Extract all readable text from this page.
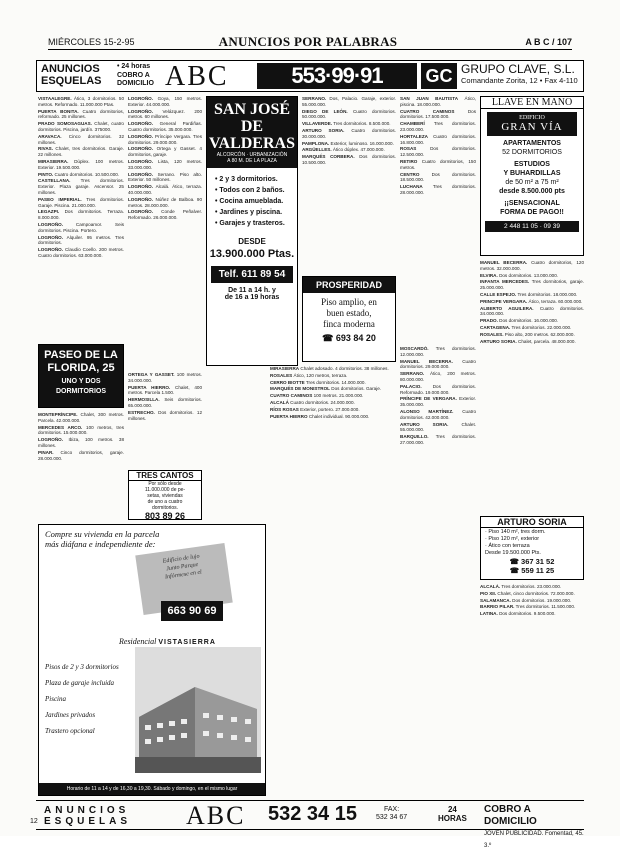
MIÉRCOLES 15-2-95	ANUNCIOS POR PALABRAS	A B C / 107
ANUNCIOS
ESQUELAS
• 24 horas
COBRO A
DOMICILIO ABC	553·99·91	GC GRUPO CLAVE, S.L.
Comandante Zorita, 12 • Fax 4-110

VISTAALEGRE. Ático, 3 dormitorios. 50 metros. Reformado. 11.000.000 Ptas.

PUERTA BONITA. Cuatro dormitorios, reformado. 25 millones.

PRADO SOMOSAGUAS. Chalet, cuatro dormitorios. Piscina, jardín. 375000.

ARAVACA. Cinco dormitorios. 32 millones.

RIVAS. Chalet, tres dormitorios. Garaje. 22 millones.

MIRASIERRA. Dúplex. 100 metros. Exterior. 19.500.000.

PINTO. Cuatro dormitorios. 10.500.000.

CASTELLANA. Tres dormitorios. Exterior. Plaza garaje. Ascensor. 25 millones.

PASEO IMPERIAL. Tres dormitorios. Garaje. Piscina. 21.000.000.

LEGAZPI. Dos dormitorios. Terraza. 8.000.000.

LOGROÑO.	Campoamor. Seis dormitorios. Piscina. Portero.

LOGROÑO. Alquiler. 95 metros. Tres dormitorios.

LOGROÑO. Claudio Coello. 200 metros. Cuatro dormitorios. 63.000.000.

PASEO DE LA
FLORIDA, 25
UNO Y DOS
DORMITORIOS

MONTEPRÍNCIPE. Chalet, 300 metros. Parcela. 42.000.000.

MERCEDES ARCO. 100 metros, tres dormitorios. 15.000.000.

LOGROÑO. Ibiza, 100 metros. 38 millones.

PINAR. Cinco dormitorios, garaje. 28.000.000.

LOGROÑO. Goya, 150 metros. Exterior. 44.000.000.

LOGROÑO. Velázquez. 200 metros. 60 millones.

LOGROÑO. General Pardiñas. Cuatro dormitorios. 35.000.000.

LOGROÑO. Príncipe Vergara. Tres dormitorios. 29.000.000.

LOGROÑO. Ortega y Gasset. 4 dormitorios, garaje.

LOGROÑO. Lista, 120 metros. 33.000.000.

LOGROÑO. Serrano. Piso alto. Exterior. 50 millones.

LOGROÑO. Alcalá. Ático, terraza. 40.000.000.

LOGROÑO. Núñez de Balboa. 90 metros. 28.000.000.

LOGROÑO. Conde Peñalver. Reformado. 26.000.000.

ORTEGA Y GASSET. 100 metros. 34.000.000.

PUERTA HIERRO. Chalet, 400 metros. Parcela 1.500.

HERMOSILLA. Seis dormitorios. 65.000.000.

ESTRECHO. Dos dormitorios. 12 millones.

TRES CANTOS
Por sólo desde
11.000.000 de pe-
setas, viviendas
de uno a cuatro
dormitorios.
803 89 26
SAN JOSÉ
DE VALDERAS
ALCORCÓN · URBANIZACIÓN
A 80 M. DE LA PLAZA
• 2 y 3 dormitorios.
• Todos con 2 baños.
• Cocina amueblada.
• Jardines y piscina.
• Garajes y trasteros.
DESDE
13.900.000 Ptas.
Telf. 611 89 54
De 11 a 14 h. y
de 16 a 19 horas

SERRANO. Dos, Palacio. Garaje, exterior. 55.000.000.

DIEGO DE LEÓN. Cuatro dormitorios. 50.000.000.

VILLAVERDE. Tres dormitorios. 8.500.000.

ARTURO SORIA. Cuatro dormitorios. 30.000.000.

PAMPLONA. Exterior, luminoso. 16.000.000.

ARGÜELLES. Ático dúplex. 47.000.000.

MARQUÉS CORBERA. Dos dormitorios. 10.500.000.

PROSPERIDAD
Piso amplio, en
buen estado,
finca moderna
☎ 693 84 20

MIRASIERRA Chalet adosado. 4 dormitorios. 38 millones.

ROSALES Ático, 120 metros, terraza.

CERRO BIOTTE Tres dormitorios. 14.000.000.

MARQUÉS DE MONISTROL Dos dormitorios. Garaje.

CUATRO CAMINOS 100 metros. 21.000.000.

ALCALÁ Cuatro dormitorios. 24.000.000.

RÍOS ROSAS Exterior, portero. 27.000.000.

PUERTA HIERRO Chalet individual. 90.000.000.

SAN JUAN BAUTISTA Ático, piscina. 18.000.000.

CUATRO CAMINOS	Dos dormitorios. 17.500.000.

CHAMBERÍ Tres dormitorios. 23.000.000.

HORTALEZA Cuatro dormitorios. 16.800.000.

ROSAS	Dos dormitorios. 12.500.000.

RETIRO Cuatro dormitorios, 150 metros.

CENTRO	Dos dormitorios. 18.500.000.

LUCHANA Tres dormitorios. 28.000.000.

MOSCARDÓ. Tres dormitorios. 12.000.000.

MANUEL BECERRA. Cuatro dormitorios. 29.000.000.

SERRANO. Ático, 200 metros. 80.000.000.

PALACIO. Dos dormitorios. Reformado. 19.000.000.

PRÍNCIPE DE VERGARA. Exterior. 35.000.000.

ALONSO MARTÍNEZ. Cuatro dormitorios. 42.000.000.

ARTURO SORIA.	Chalet. 55.000.000.

BARQUILLO. Tres dormitorios. 27.000.000.

LLAVE EN MANO
EDIFICIO
GRAN VÍA
APARTAMENTOS
52 DORMITORIOS
ESTUDIOS
Y BUHARDILLAS
de 50 m² a 75 m²
desde 8.500.000 pts
¡¡SENSACIONAL
FORMA DE PAGO!!
2 448 11 05 · 09 39

MANUEL BECERRA. Cuatro dormitorios, 120 metros. 32.000.000.

ELVIRA. Dos dormitorios. 13.000.000.

INFANTA MERCEDES. Tres dormitorios, garaje. 25.000.000.

CALLE ESPEJO. Tres dormitorios. 18.000.000.

PRINCIPE VERGARA. Ático, terraza. 60.000.000.

ALBERTO AGUILERA. Cuatro dormitorios. 34.000.000.

PRADO. Dos dormitorios. 16.000.000.

CARTAGENA. Tres dormitorios. 22.000.000.

ROSALES. Piso alto, 200 metros. 62.000.000.

ARTURO SORIA. Chalet, parcela. 48.000.000.

ARTURO SORIA
· Piso 140 m², tres dorm.
· Piso 120 m², exterior
· Ático con terraza
Desde 19.500.000 Pts.
☎ 367 31 52
☎ 559 11 25

ALCALÁ. Tres dormitorios. 23.000.000.

PIO XII. Chalet, cinco dormitorios. 72.000.000.

SALAMANCA. Dos dormitorios. 19.000.000.

BARRIO PILAR. Tres dormitorios. 11.500.000.

LATINA. Dos dormitorios. 9.500.000.

Compre su vivienda en la parcela
más diáfana e independiente de:
Edificio de lujo
Junto Parque
Infórmese en el
663 90 69
Residencial VISTASIERRA
Pisos de 2 y 3 dormitorios
Plaza de garaje incluida
Piscina
Jardines privados
Trastero opcional
Horario de 11 a 14 y de 16,30 a 19,30. Sábado y domingo, en el mismo lugar
ANUNCIOS
ESQUELAS ABC 532 34 15	FAX:
532 34 67
24
HORAS
COBRO A DOMICILIO
JOVEN PUBLICIDAD. Fomentad, 45. 3.º
12
